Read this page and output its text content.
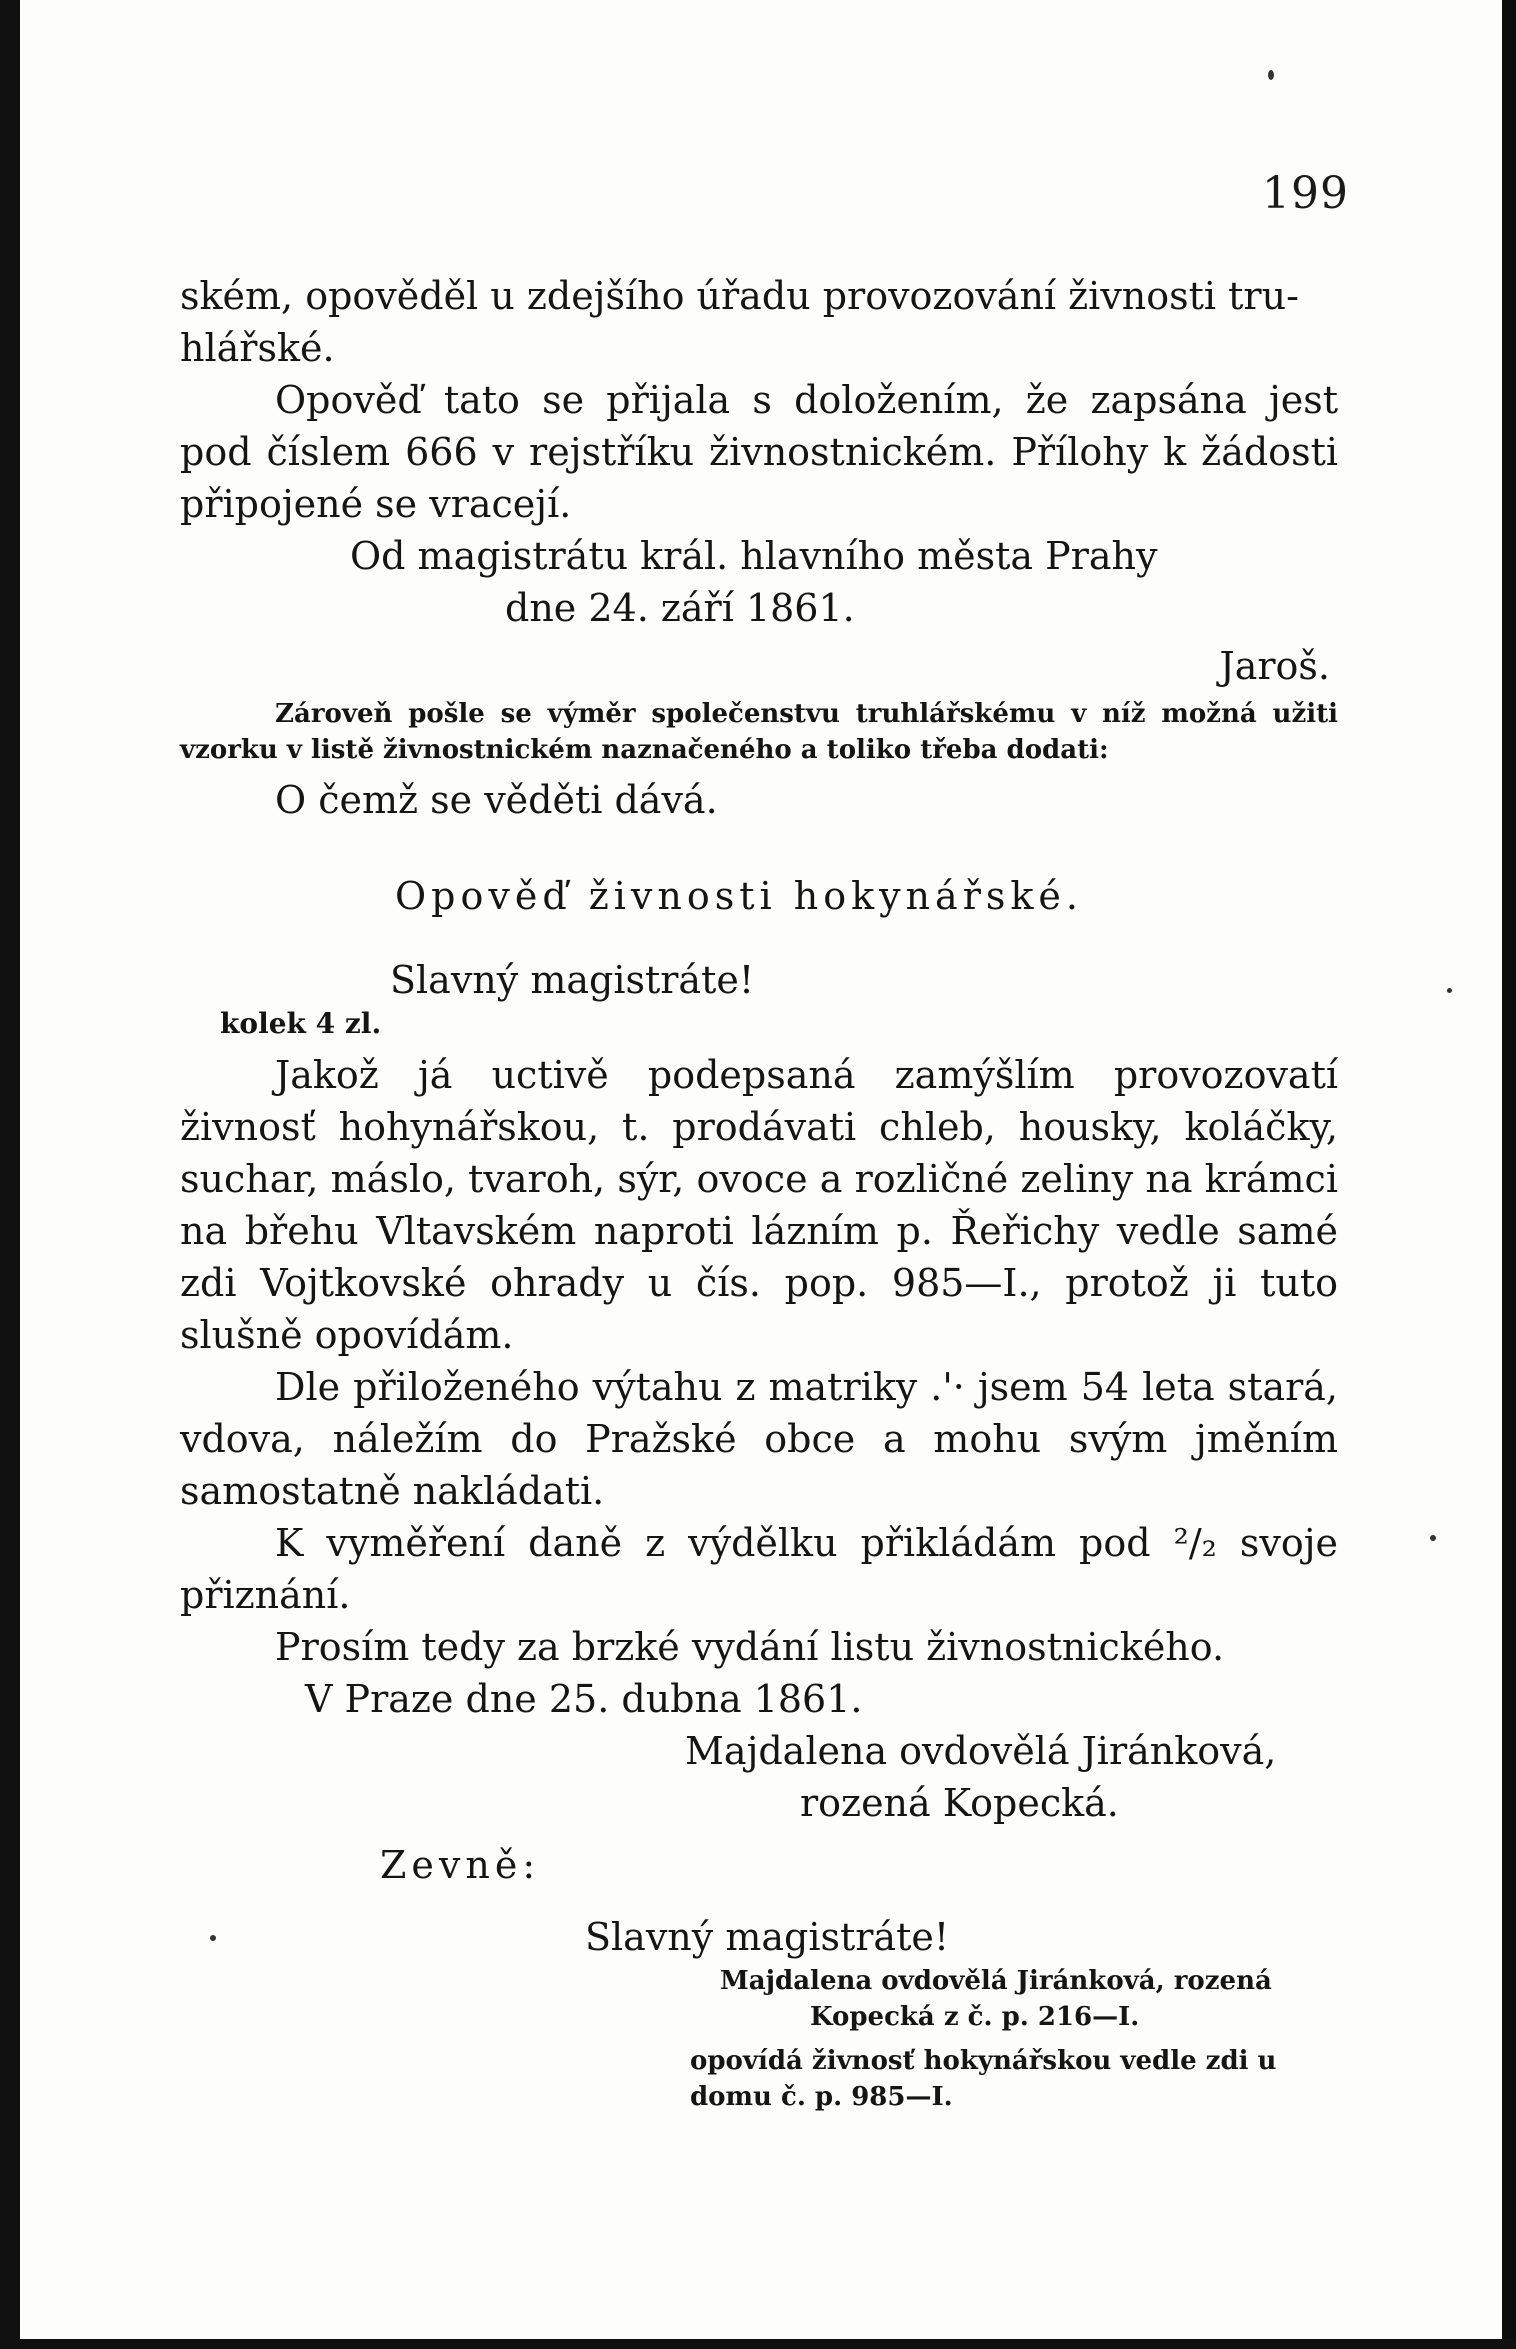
199

ském, opověděl u zdejšího úřadu provozování živnosti tru-

hlářské.

Opověď tato se přijala s doložením, že zapsána jest pod číslem 666 v rejstříku živnostnickém. Přílohy k žádosti připojené se vracejí.

Od magistrátu král. hlavního města Prahy

dne 24. září 1861.

Jaroš.

Zároveň pošle se výměr společenstvu truhlářskému v níž možná užiti vzorku v listě živnostnickém naznačeného a toliko třeba dodati:

O čemž se věděti dává.

Opověď živnosti hokynářské.

Slavný magistráte!
kolek 4 zl.

Jakož já uctivě podepsaná zamýšlím provozovatí živnosť hohynářskou, t. prodávati chleb, housky, koláčky, suchar, máslo, tvaroh, sýr, ovoce a rozličné zeliny na krámci na břehu Vltavském naproti lázním p. Řeřichy vedle samé zdi Vojtkovské ohrady u čís. pop. 985—I., protož ji tuto slušně opovídám.

Dle přiloženého výtahu z matriky .'· jsem 54 leta stará, vdova, náležím do Pražské obce a mohu svým jměním samostatně nakládati.

K vyměření daně z výdělku přikládám pod ²/₂ svoje přiznání.

Prosím tedy za brzké vydání listu živnostnického.

V Praze dne 25. dubna 1861.

Majdalena ovdovělá Jiránková,

rozená Kopecká.

Zevně:

Slavný magistráte!

Majdalena ovdovělá Jiránková, rozená

Kopecká z č. p. 216—I.

opovídá živnosť hokynářskou vedle zdi u domu č. p. 985—I.
